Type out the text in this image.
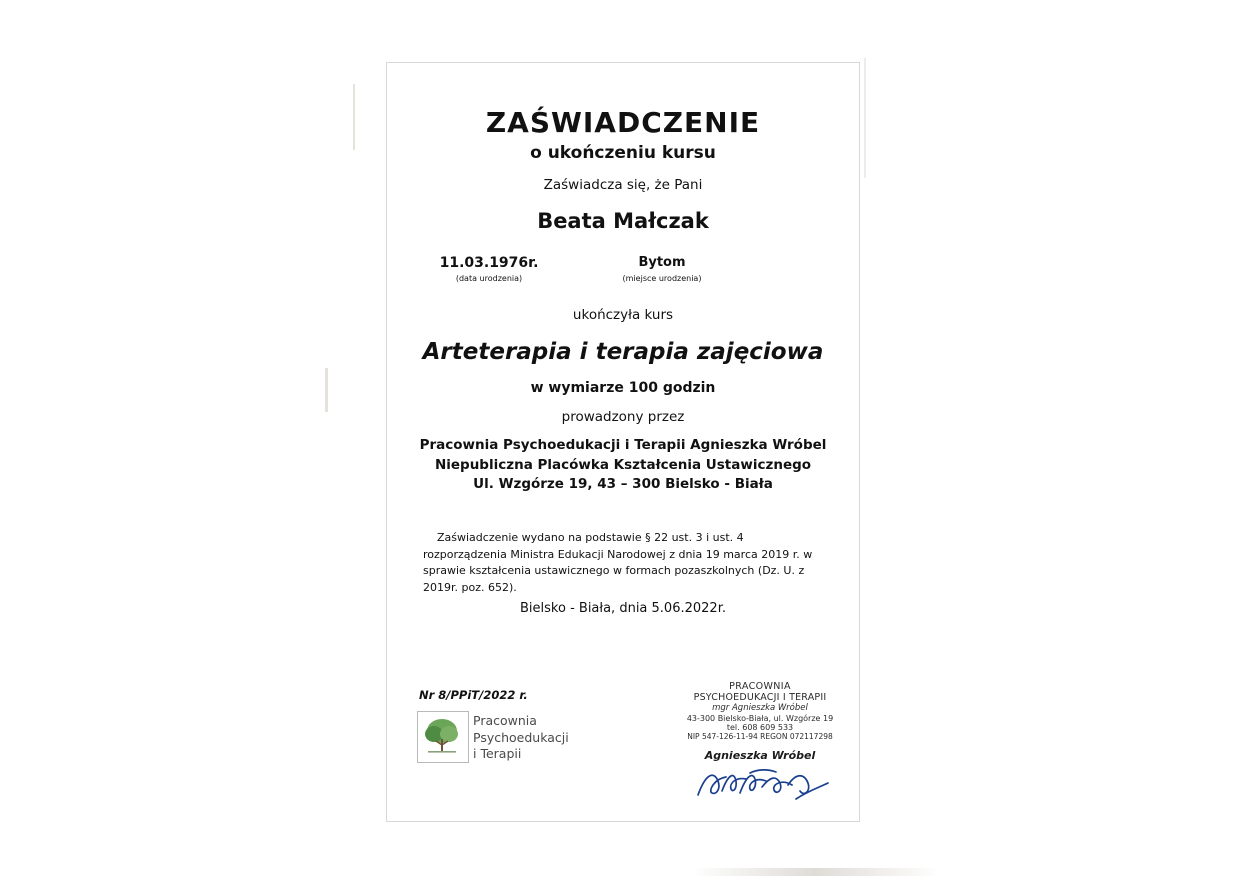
ZAŚWIADCZENIE
o ukończeniu kursu
Zaświadcza się, że Pani
Beata Małczak
11.03.1976r.
(data urodzenia)
Bytom
(miejsce urodzenia)
ukończyła kurs
Arteterapia i terapia zajęciowa
w wymiarze 100 godzin
prowadzony przez
Pracownia Psychoedukacji i Terapii Agnieszka Wróbel
Niepubliczna Placówka Kształcenia Ustawicznego
Ul. Wzgórze 19, 43 – 300 Bielsko - Biała
Zaświadczenie wydano na podstawie § 22 ust. 3 i ust. 4 rozporządzenia Ministra Edukacji Narodowej z dnia 19 marca 2019 r. w sprawie kształcenia ustawicznego w formach pozaszkolnych (Dz. U. z 2019r. poz. 652).
Bielsko - Biała, dnia 5.06.2022r.
Nr 8/PPiT/2022 r.
Pracownia
Psychoedukacji
i Terapii
PRACOWNIA
PSYCHOEDUKACJI I TERAPII
mgr Agnieszka Wróbel
43-300 Bielsko-Biała, ul. Wzgórze 19
tel. 608 609 533
NIP 547-126-11-94 REGON 072117298
Agnieszka Wróbel
